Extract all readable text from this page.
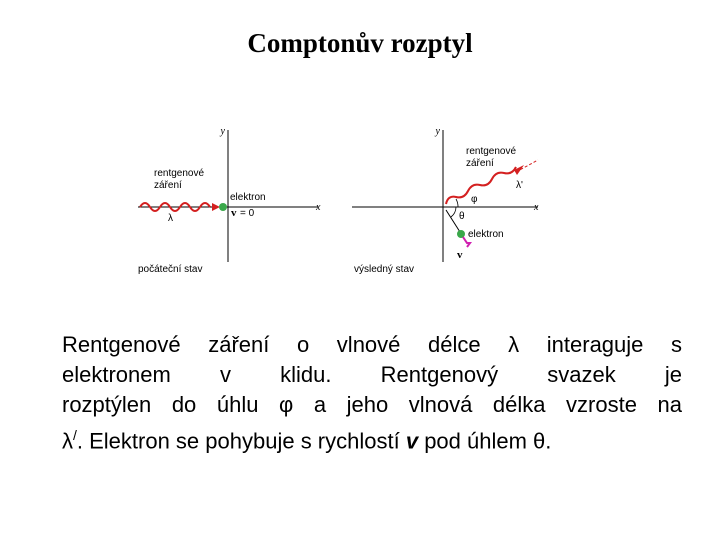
Comptonův rozptyl
y
x
rentgenové
záření
λ
elektron
v = 0
počáteční stav
y
x
rentgenové
záření
λ'
φ
θ
elektron
v
výsledný stav
Rentgenové záření o vlnové délce λ interaguje s
elektronem v klidu. Rentgenový svazek je
rozptýlen do úhlu φ a jeho vlnová délka vzroste na
λ/. Elektron se pohybuje s rychlostí v pod úhlem θ.
